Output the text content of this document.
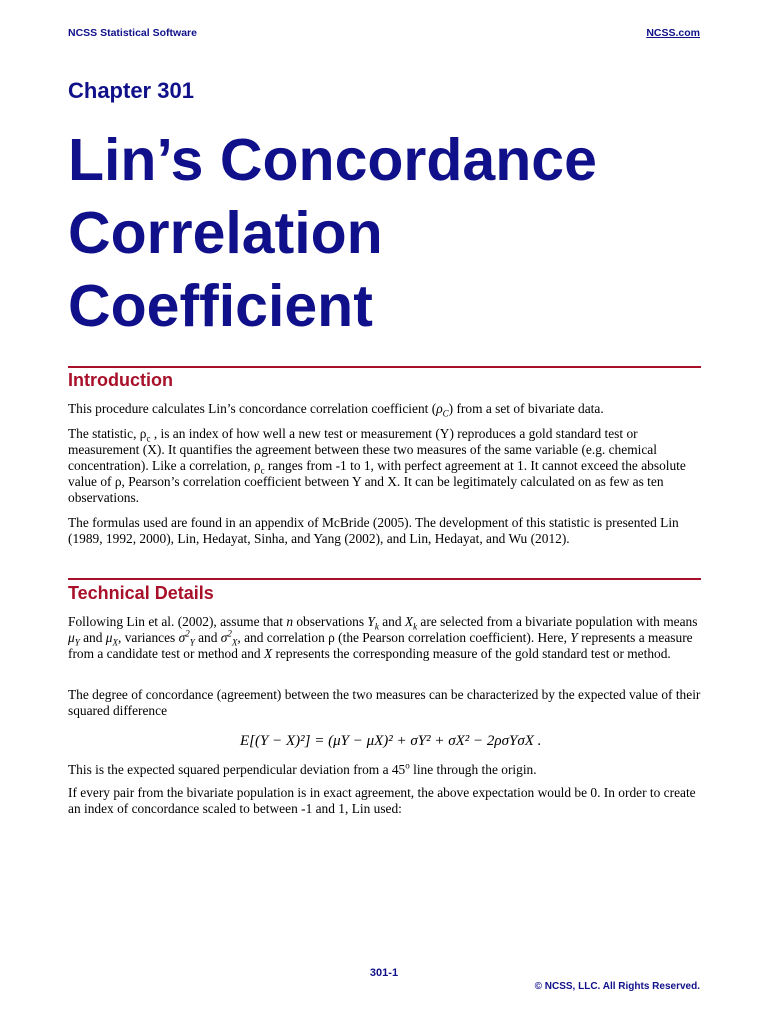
NCSS Statistical Software	NCSS.com
Chapter 301
Lin’s Concordance
Correlation
Coefficient
Introduction

This procedure calculates Lin’s concordance correlation coefficient $(\rho_C)$ from a set of bivariate data.

The statistic, $\rho_c$ , is an index of how well a new test or measurement (Y) reproduces a gold standard test or measurement (X). It quantifies the agreement between these two measures of the same variable (e.g. chemical concentration). Like a correlation, $\rho_c$ ranges from -1 to 1, with perfect agreement at 1. It cannot exceed the absolute value of ρ, Pearson’s correlation coefficient between Y and X. It can be legitimately calculated on as few as ten observations.

The formulas used are found in an appendix of McBride (2005). The development of this statistic is presented Lin (1989, 1992, 2000), Lin, Hedayat, Sinha, and Yang (2002), and Lin, Hedayat, and Wu (2012).

Technical Details

Following Lin et al. (2002), assume that n observations $Y_k$ and $X_k$ are selected from a bivariate population with means $\mu_Y$ and $\mu_X$, variances $\sigma^2_Y$ and $\sigma^2_X$, and correlation ρ (the Pearson correlation coefficient). Here, Y represents a measure from a candidate test or method and X represents the corresponding measure of the gold standard test or method.

The degree of concordance (agreement) between the two measures can be characterized by the expected value of their squared difference

E[(Y − X)²] = (μY − μX)² + σY² + σX² − 2ρσYσX .

This is the expected squared perpendicular deviation from a 45$^o$ line through the origin.

If every pair from the bivariate population is in exact agreement, the above expectation would be 0. In order to create an index of concordance scaled to between -1 and 1, Lin used:

301-1
© NCSS, LLC. All Rights Reserved.
